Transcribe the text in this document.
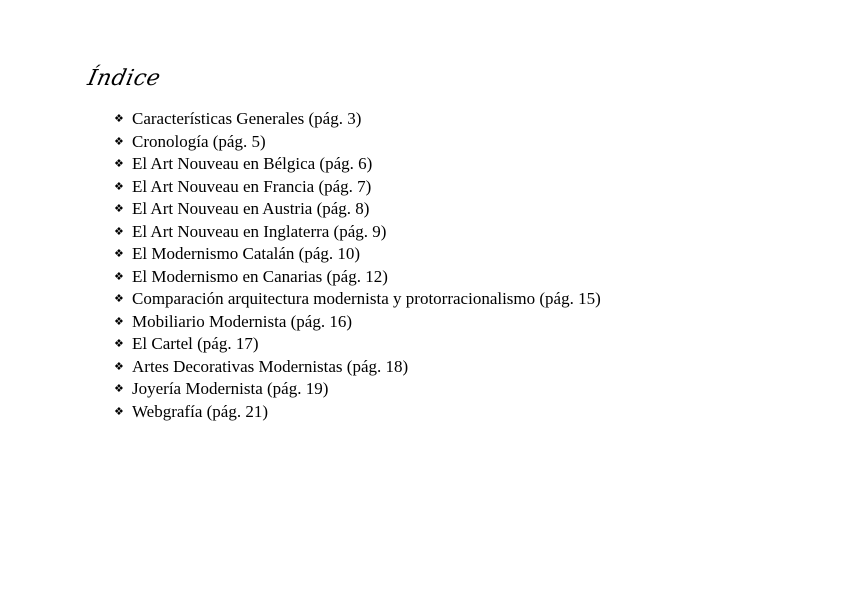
Índice
❖ Características Generales (pág. 3)
❖ Cronología (pág. 5)
❖ El Art Nouveau en Bélgica (pág. 6)
❖ El Art Nouveau en Francia (pág. 7)
❖ El Art Nouveau en Austria (pág. 8)
❖ El Art Nouveau en Inglaterra (pág. 9)
❖ El Modernismo Catalán (pág. 10)
❖ El Modernismo en Canarias (pág. 12)
❖ Comparación arquitectura modernista y protorracionalismo (pág. 15)
❖ Mobiliario Modernista (pág. 16)
❖ El Cartel (pág. 17)
❖ Artes Decorativas Modernistas (pág. 18)
❖ Joyería Modernista (pág. 19)
❖ Webgrafía (pág. 21)
